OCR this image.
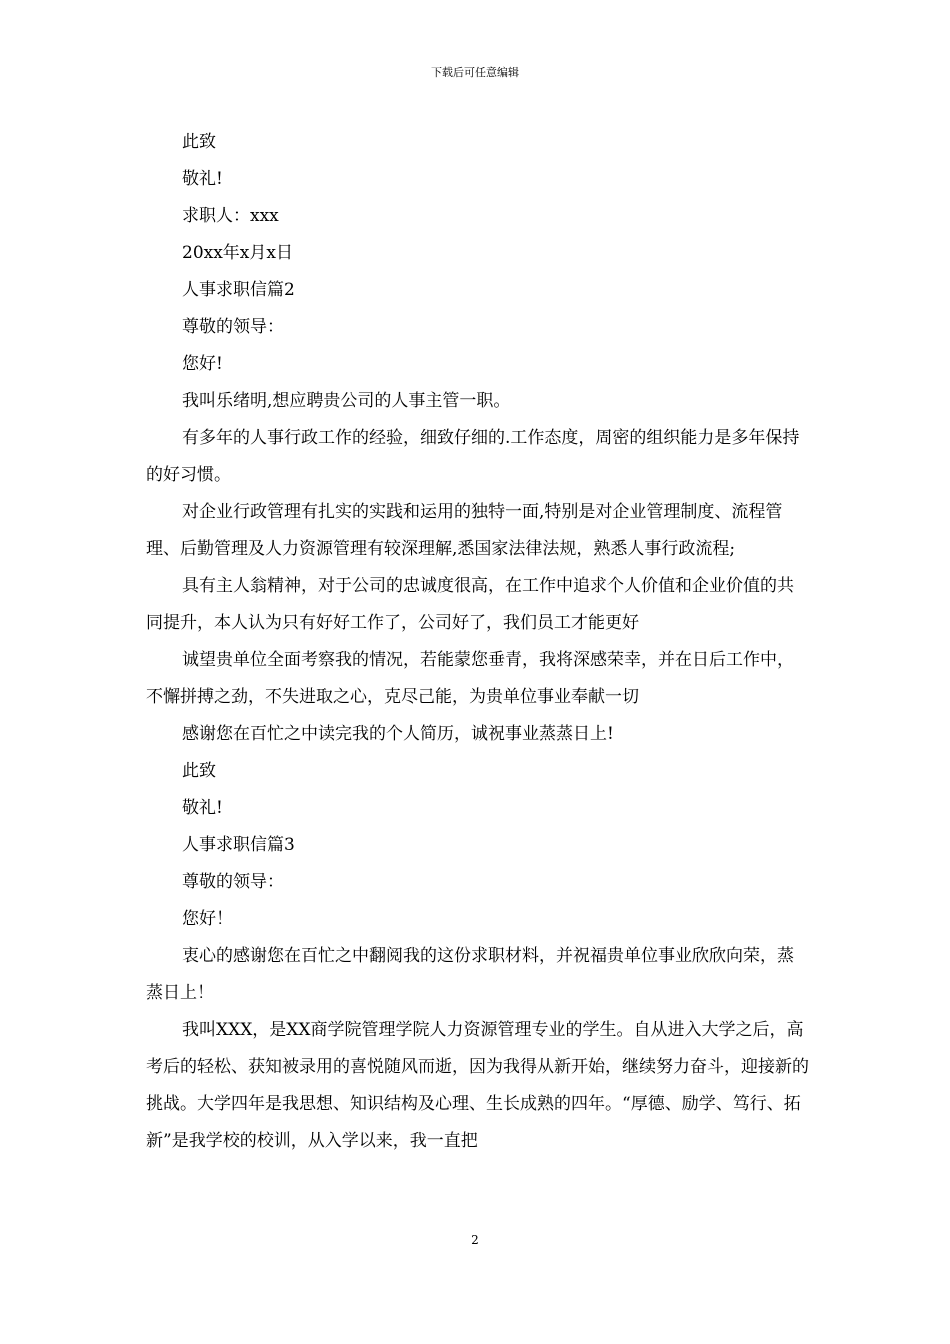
下载后可任意编辑

此致

敬礼!

求职人：xxx

20xx年x月x日

人事求职信篇2

尊敬的领导：

您好!

我叫乐绪明,想应聘贵公司的人事主管一职。

有多年的人事行政工作的经验，细致仔细的.工作态度，周密的组织能力是多年保持的好习惯。

对企业行政管理有扎实的实践和运用的独特一面,特别是对企业管理制度、流程管理、后勤管理及人力资源管理有较深理解,悉国家法律法规，熟悉人事行政流程;

具有主人翁精神，对于公司的忠诚度很高，在工作中追求个人价值和企业价值的共同提升，本人认为只有好好工作了，公司好了，我们员工才能更好

诚望贵单位全面考察我的情况，若能蒙您垂青，我将深感荣幸，并在日后工作中，不懈拼搏之劲，不失进取之心，克尽己能，为贵单位事业奉献一切

感谢您在百忙之中读完我的个人简历，诚祝事业蒸蒸日上!

此致

敬礼!

人事求职信篇3

尊敬的领导：

您好！

衷心的感谢您在百忙之中翻阅我的这份求职材料，并祝福贵单位事业欣欣向荣，蒸蒸日上！

我叫XXX，是XX商学院管理学院人力资源管理专业的学生。自从进入大学之后，高考后的轻松、获知被录用的喜悦随风而逝，因为我得从新开始，继续努力奋斗，迎接新的挑战。大学四年是我思想、知识结构及心理、生长成熟的四年。“厚德、励学、笃行、拓新”是我学校的校训，从入学以来，我一直把

2
